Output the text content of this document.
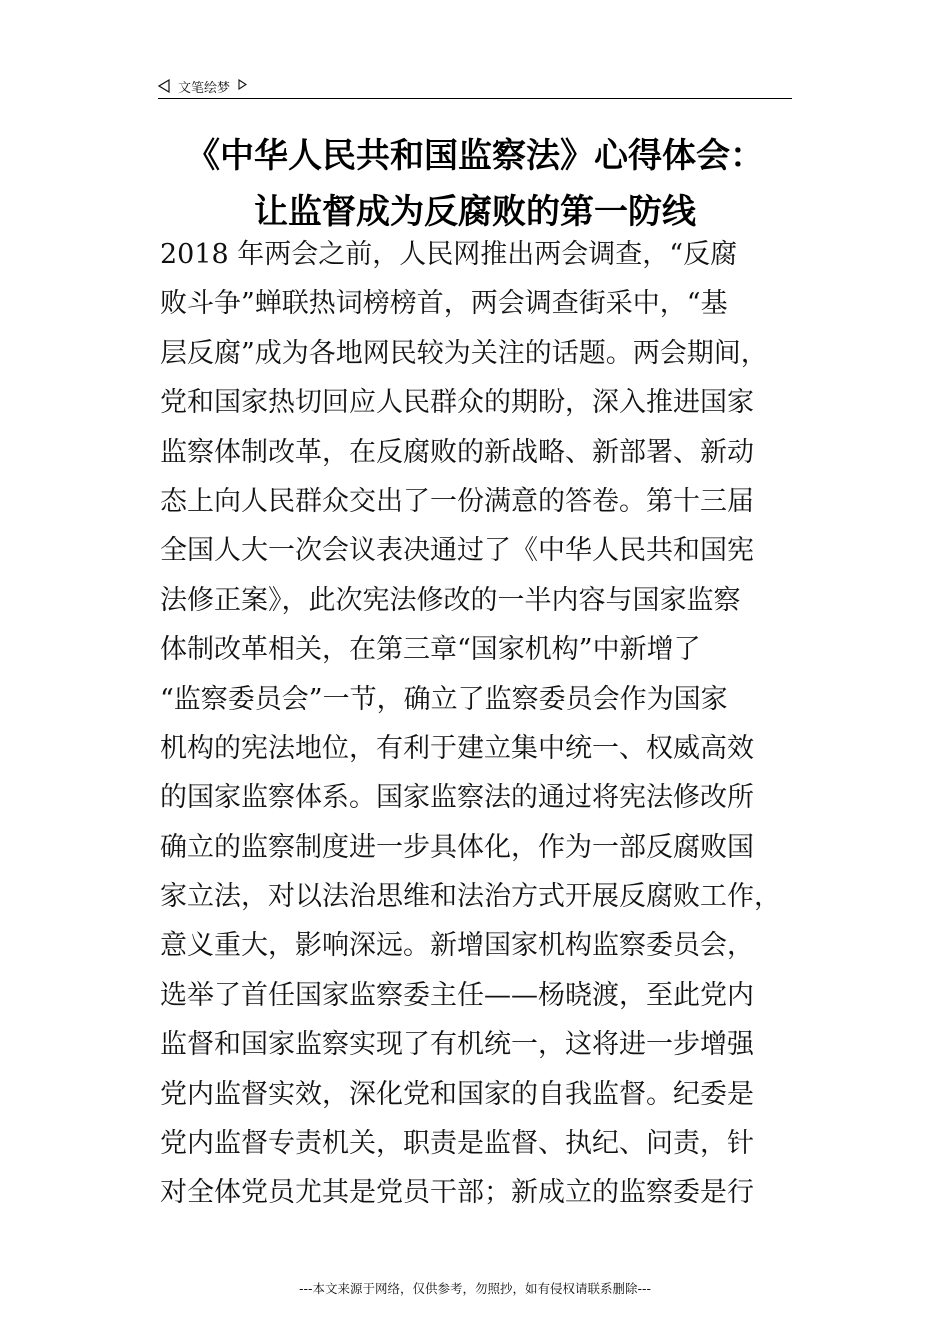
文笔绘梦
《中华人民共和国监察法》心得体会：
让监督成为反腐败的第一防线
2018 年两会之前，人民网推出两会调查，“反腐
败斗争”蝉联热词榜榜首，两会调查街采中，“基
层反腐”成为各地网民较为关注的话题。两会期间，
党和国家热切回应人民群众的期盼，深入推进国家
监察体制改革，在反腐败的新战略、新部署、新动
态上向人民群众交出了一份满意的答卷。第十三届
全国人大一次会议表决通过了《中华人民共和国宪
法修正案》，此次宪法修改的一半内容与国家监察
体制改革相关，在第三章“国家机构”中新增了
“监察委员会”一节，确立了监察委员会作为国家
机构的宪法地位，有利于建立集中统一、权威高效
的国家监察体系。国家监察法的通过将宪法修改所
确立的监察制度进一步具体化，作为一部反腐败国
家立法，对以法治思维和法治方式开展反腐败工作，
意义重大，影响深远。新增国家机构监察委员会，
选举了首任国家监察委主任——杨晓渡，至此党内
监督和国家监察实现了有机统一，这将进一步增强
党内监督实效，深化党和国家的自我监督。纪委是
党内监督专责机关，职责是监督、执纪、问责，针
对全体党员尤其是党员干部；新成立的监察委是行
---本文来源于网络，仅供参考，勿照抄，如有侵权请联系删除---
